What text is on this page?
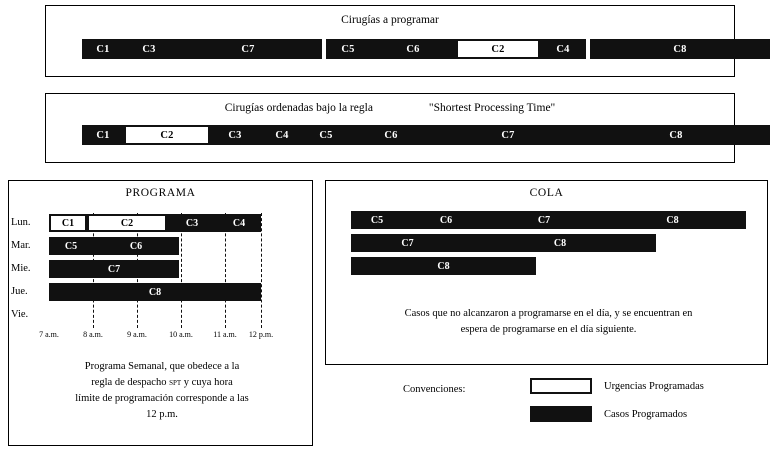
Cirugías a programar
C1	C3	C7	C5	C6	C2	C4	C8
Cirugías ordenadas bajo la regla	"Shortest Processing Time"
C1	C2	C3	C4	C5	C6	C7	C8
PROGRAMA
Lun.	C1	C2	C3	C4
Mar.	C5	C6
Mie.	C7
Jue.	C8
Vie.
7 a.m.	8 a.m.	9 a.m.	10 a.m.	11 a.m. 12 p.m.
Programa Semanal, que obedece a la
regla de despacho spt y cuya hora
límite de programación corresponde a las
12 p.m.
COLA
C5	C6	C7	C8
C7	C8
C8
Casos que no alcanzaron a programarse en el día, y se encuentran en
espera de programarse en el día siguiente.
Convenciones:	Urgencias Programadas
Casos Programados
